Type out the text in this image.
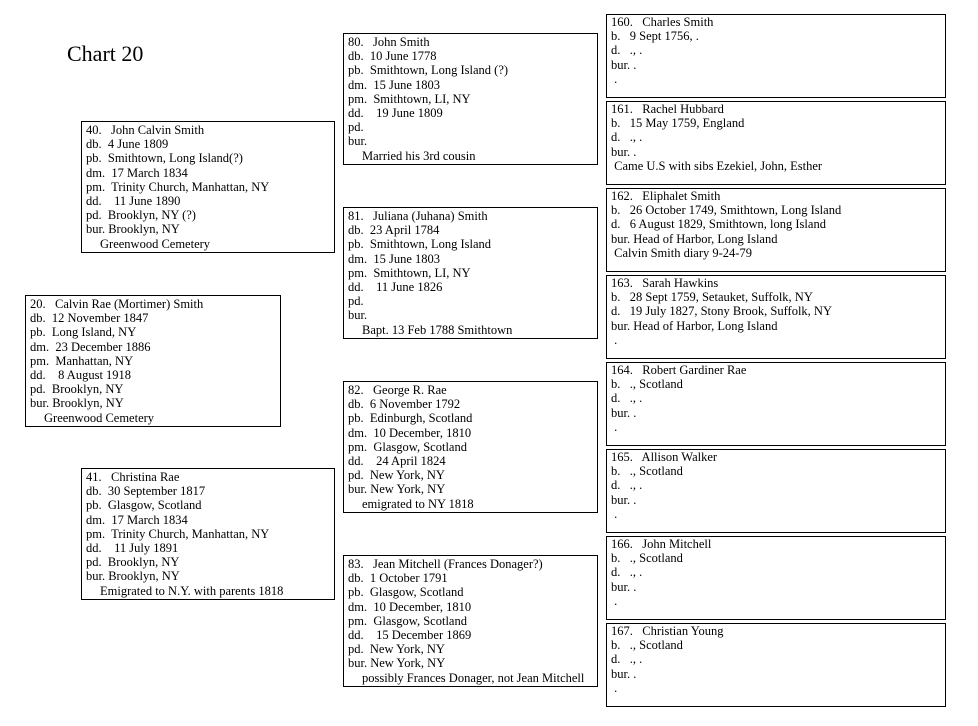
Chart 20
20.   Calvin Rae (Mortimer) Smith
db.  12 November 1847
pb.  Long Island, NY
dm.  23 December 1886
pm.  Manhattan, NY
dd.    8 August 1918
pd.  Brooklyn, NY
bur. Brooklyn, NY
Greenwood Cemetery
40.   John Calvin Smith
db.  4 June 1809
pb.  Smithtown, Long Island(?)
dm.  17 March 1834
pm.  Trinity Church, Manhattan, NY
dd.    11 June 1890
pd.  Brooklyn, NY (?)
bur. Brooklyn, NY
Greenwood Cemetery
41.   Christina Rae
db.  30 September 1817
pb.  Glasgow, Scotland
dm.  17 March 1834
pm.  Trinity Church, Manhattan, NY
dd.    11 July 1891
pd.  Brooklyn, NY
bur. Brooklyn, NY
Emigrated to N.Y. with parents 1818
80.   John Smith
db.  10 June 1778
pb.  Smithtown, Long Island (?)
dm.  15 June 1803
pm.  Smithtown, LI, NY
dd.    19 June 1809
pd.
bur.
Married his 3rd cousin
81.   Juliana (Juhana) Smith
db.  23 April 1784
pb.  Smithtown, Long Island
dm.  15 June 1803
pm.  Smithtown, LI, NY
dd.    11 June 1826
pd.
bur.
Bapt. 13 Feb 1788 Smithtown
82.   George R. Rae
db.  6 November 1792
pb.  Edinburgh, Scotland
dm.  10 December, 1810
pm.  Glasgow, Scotland
dd.    24 April 1824
pd.  New York, NY
bur. New York, NY
emigrated to NY 1818
83.   Jean Mitchell (Frances Donager?)
db.  1 October 1791
pb.  Glasgow, Scotland
dm.  10 December, 1810
pm.  Glasgow, Scotland
dd.    15 December 1869
pd.  New York, NY
bur. New York, NY
possibly Frances Donager, not Jean Mitchell
160.   Charles Smith
b.   9 Sept 1756, .
d.   ., .
bur. .
.
161.   Rachel Hubbard
b.   15 May 1759, England
d.   ., .
bur. .
Came U.S with sibs Ezekiel, John, Esther
162.   Eliphalet Smith
b.   26 October 1749, Smithtown, Long Island
d.   6 August 1829, Smithtown, long Island
bur. Head of Harbor, Long Island
Calvin Smith diary 9-24-79
163.   Sarah Hawkins
b.   28 Sept 1759, Setauket, Suffolk, NY
d.   19 July 1827, Stony Brook, Suffolk, NY
bur. Head of Harbor, Long Island
.
164.   Robert Gardiner Rae
b.   ., Scotland
d.   ., .
bur. .
.
165.   Allison Walker
b.   ., Scotland
d.   ., .
bur. .
.
166.   John Mitchell
b.   ., Scotland
d.   ., .
bur. .
.
167.   Christian Young
b.   ., Scotland
d.   ., .
bur. .
.
